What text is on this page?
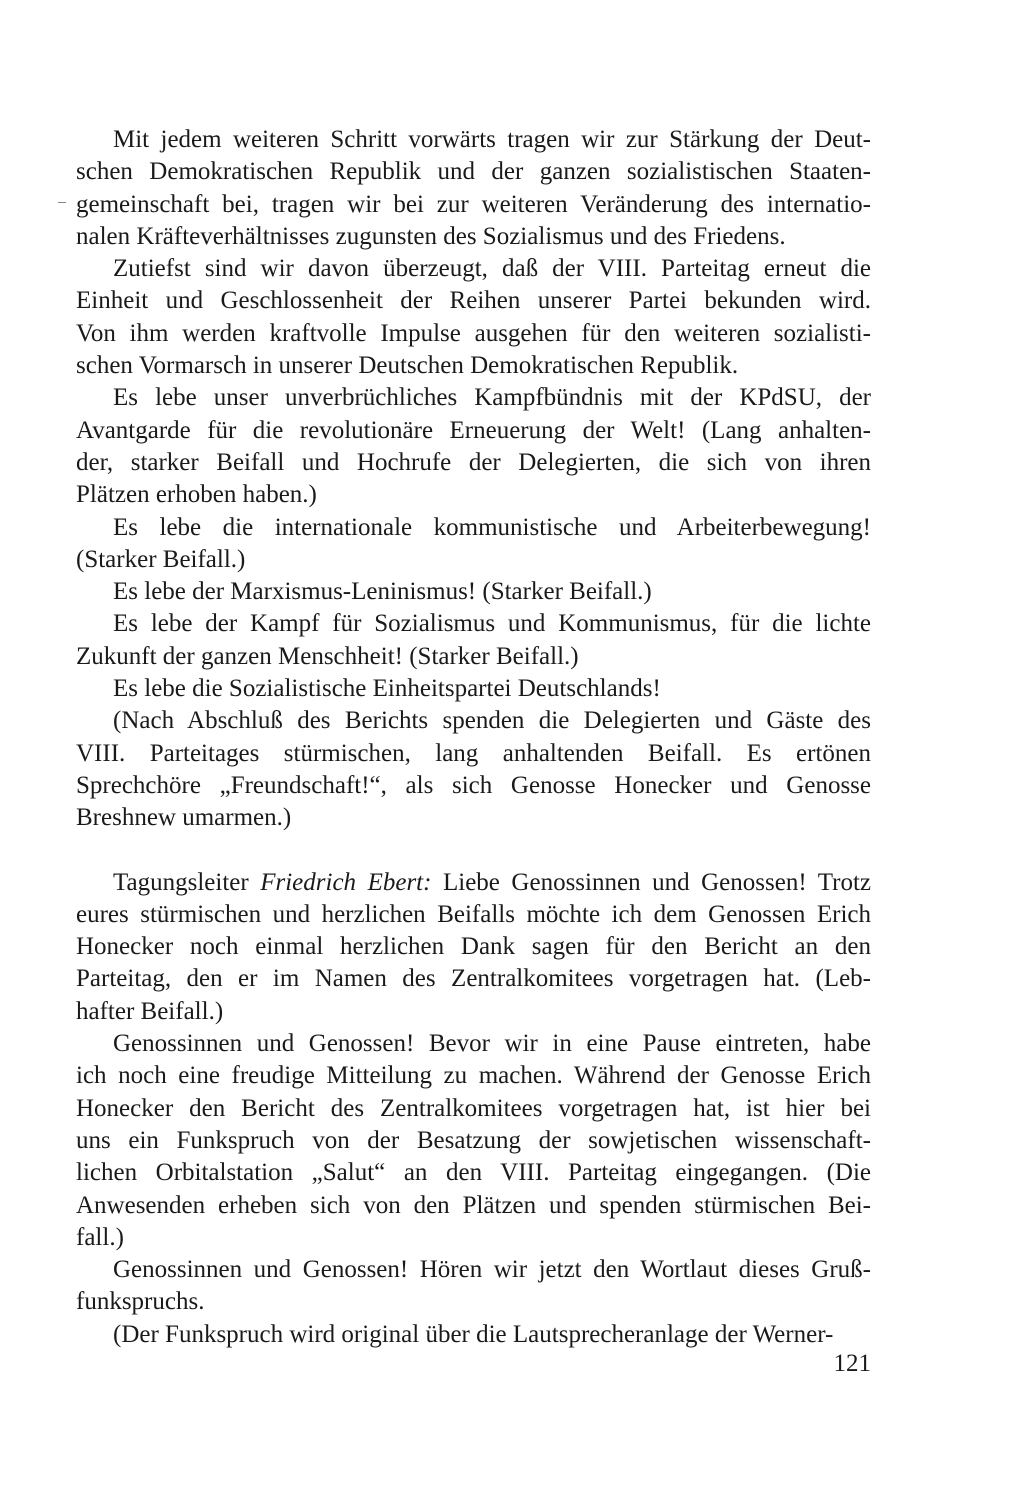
Mit jedem weiteren Schritt vorwärts tragen wir zur Stärkung der Deut-
schen Demokratischen Republik und der ganzen sozialistischen Staaten-
gemeinschaft bei, tragen wir bei zur weiteren Veränderung des internatio-
nalen Kräfteverhältnisses zugunsten des Sozialismus und des Friedens.
Zutiefst sind wir davon überzeugt, daß der VIII. Parteitag erneut die
Einheit und Geschlossenheit der Reihen unserer Partei bekunden wird.
Von ihm werden kraftvolle Impulse ausgehen für den weiteren sozialisti-
schen Vormarsch in unserer Deutschen Demokratischen Republik.
Es lebe unser unverbrüchliches Kampfbündnis mit der KPdSU, der
Avantgarde für die revolutionäre Erneuerung der Welt! (Lang anhalten-
der, starker Beifall und Hochrufe der Delegierten, die sich von ihren
Plätzen erhoben haben.)
Es lebe die internationale kommunistische und Arbeiterbewegung!
(Starker Beifall.)
Es lebe der Marxismus-Leninismus! (Starker Beifall.)
Es lebe der Kampf für Sozialismus und Kommunismus, für die lichte
Zukunft der ganzen Menschheit! (Starker Beifall.)
Es lebe die Sozialistische Einheitspartei Deutschlands!
(Nach Abschluß des Berichts spenden die Delegierten und Gäste des
VIII. Parteitages stürmischen, lang anhaltenden Beifall. Es ertönen
Sprechchöre „Freundschaft!“, als sich Genosse Honecker und Genosse
Breshnew umarmen.)
Tagungsleiter Friedrich Ebert: Liebe Genossinnen und Genossen! Trotz
eures stürmischen und herzlichen Beifalls möchte ich dem Genossen Erich
Honecker noch einmal herzlichen Dank sagen für den Bericht an den
Parteitag, den er im Namen des Zentralkomitees vorgetragen hat. (Leb-
hafter Beifall.)
Genossinnen und Genossen! Bevor wir in eine Pause eintreten, habe
ich noch eine freudige Mitteilung zu machen. Während der Genosse Erich
Honecker den Bericht des Zentralkomitees vorgetragen hat, ist hier bei
uns ein Funkspruch von der Besatzung der sowjetischen wissenschaft-
lichen Orbitalstation „Salut“ an den VIII. Parteitag eingegangen. (Die
Anwesenden erheben sich von den Plätzen und spenden stürmischen Bei-
fall.)
Genossinnen und Genossen! Hören wir jetzt den Wortlaut dieses Gruß-
funkspruchs.
(Der Funkspruch wird original über die Lautsprecheranlage der Werner-
121
